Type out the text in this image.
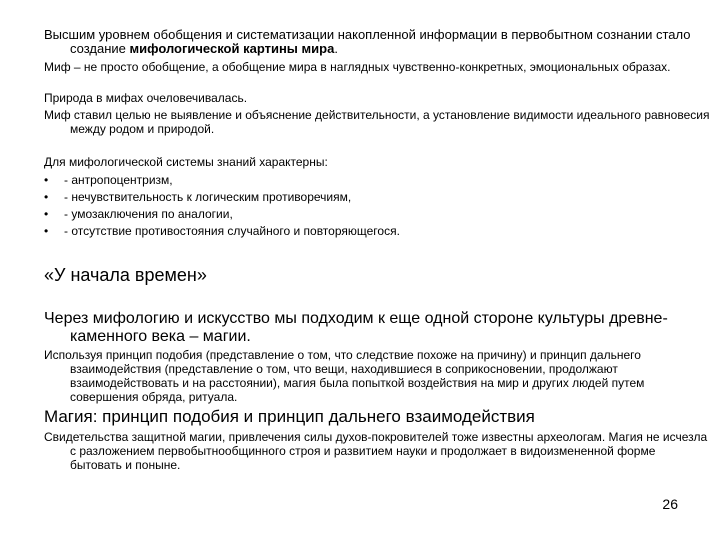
Высшим уровнем обобщения и систематизации накопленной информации в первобытном сознании стало создание мифологической картины мира.

Миф – не просто обобщение, а обобщение мира в наглядных чувственно-конкретных, эмоциональных образах.

Природа в мифах очеловечивалась.

Миф ставил целью не выявление и объяснение действительности, а установление видимости идеального равновесия между родом и природой.

Для мифологической системы знаний характерны:

• - антропоцентризм,
• - нечувствительность к логическим противоречиям,
• - умозаключения по аналогии,
• - отсутствие противостояния случайного и повторяющегося.
«У начала времен»

Через мифологию и искусство мы подходим к еще одной стороне культуры древне-каменного века – магии.

Используя принцип подобия (представление о том, что следствие похоже на причину) и принцип дальнего взаимодействия (представление о том, что вещи, находившиеся в соприкосновении, продолжают взаимодействовать и на расстоянии), магия была попыткой воздействия на мир и других людей путем совершения обряда, ритуала.

Магия: принцип подобия и принцип дальнего взаимодействия

Свидетельства защитной магии, привлечения силы духов-покровителей тоже известны археологам. Магия не исчезла с разложением первобытнообщинного строя и развитием науки и продолжает в видоизмененной форме бытовать и поныне.

26
